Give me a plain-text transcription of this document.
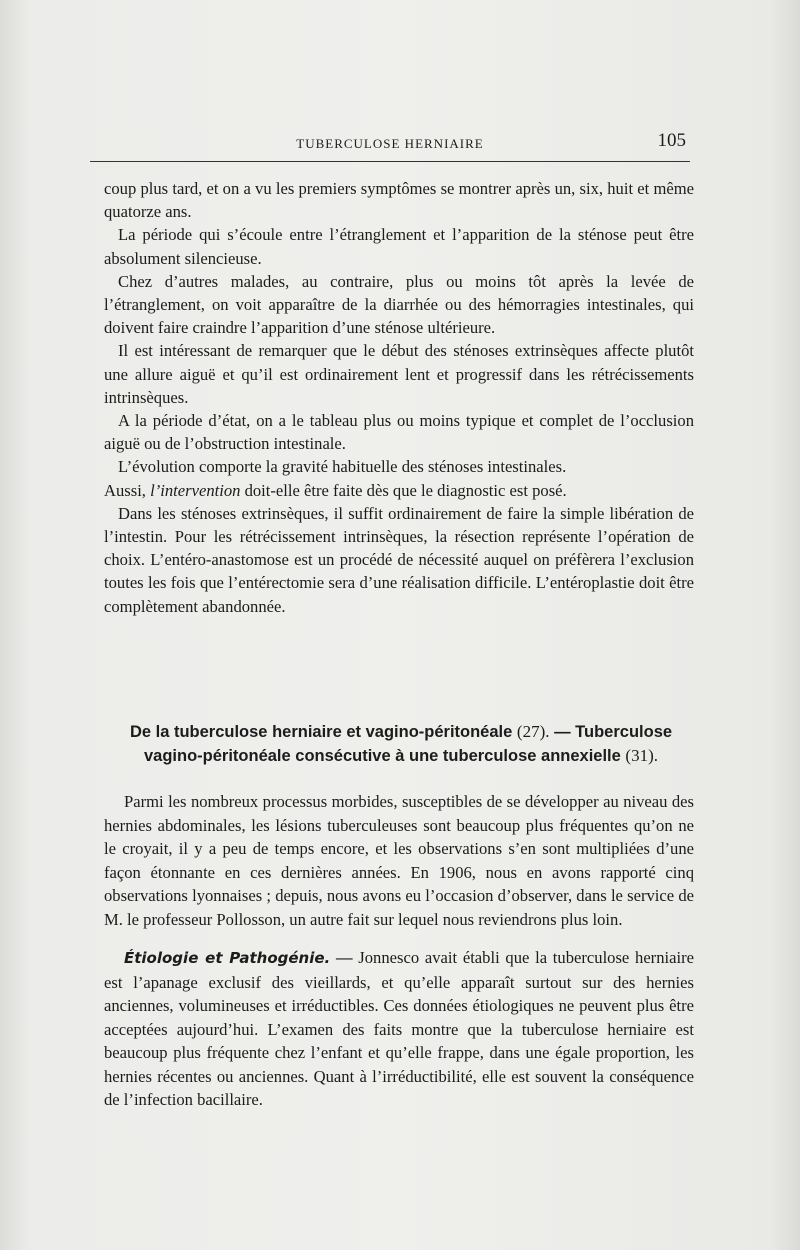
TUBERCULOSE HERNIAIRE	105

coup plus tard, et on a vu les premiers symptômes se montrer après un, six, huit et même quatorze ans.

La période qui s’écoule entre l’étranglement et l’apparition de la sténose peut être absolument silencieuse.

Chez d’autres malades, au contraire, plus ou moins tôt après la levée de l’étranglement, on voit apparaître de la diarrhée ou des hémorragies intestinales, qui doivent faire craindre l’apparition d’une sténose ultérieure.

Il est intéressant de remarquer que le début des sténoses extrinsèques affecte plutôt une allure aiguë et qu’il est ordinairement lent et progressif dans les rétrécissements intrinsèques.

A la période d’état, on a le tableau plus ou moins typique et complet de l’occlusion aiguë ou de l’obstruction intestinale.

L’évolution comporte la gravité habituelle des sténoses intestinales.

Aussi, l’intervention doit-elle être faite dès que le diagnostic est posé.

Dans les sténoses extrinsèques, il suffit ordinairement de faire la simple libération de l’intestin. Pour les rétrécissement intrinsèques, la résection représente l’opération de choix. L’entéro-anastomose est un procédé de nécessité auquel on préfèrera l’exclusion toutes les fois que l’entérectomie sera d’une réalisation difficile. L’entéroplastie doit être complètement abandonnée.

De la tuberculose herniaire et vagino-péritonéale (27). — Tuberculose vagino-péritonéale consécutive à une tuberculose annexielle (31).

Parmi les nombreux processus morbides, susceptibles de se développer au niveau des hernies abdominales, les lésions tuberculeuses sont beaucoup plus fréquentes qu’on ne le croyait, il y a peu de temps encore, et les observations s’en sont multipliées d’une façon étonnante en ces dernières années. En 1906, nous en avons rapporté cinq observations lyonnaises ; depuis, nous avons eu l’occasion d’observer, dans le service de M. le professeur Pollosson, un autre fait sur lequel nous reviendrons plus loin.

Étiologie et Pathogénie. — Jonnesco avait établi que la tuberculose herniaire est l’apanage exclusif des vieillards, et qu’elle apparaît surtout sur des hernies anciennes, volumineuses et irréductibles. Ces données étiologiques ne peuvent plus être acceptées aujourd’hui. L’examen des faits montre que la tuberculose herniaire est beaucoup plus fréquente chez l’enfant et qu’elle frappe, dans une égale proportion, les hernies récentes ou anciennes. Quant à l’irréductibilité, elle est souvent la conséquence de l’infection bacillaire.
